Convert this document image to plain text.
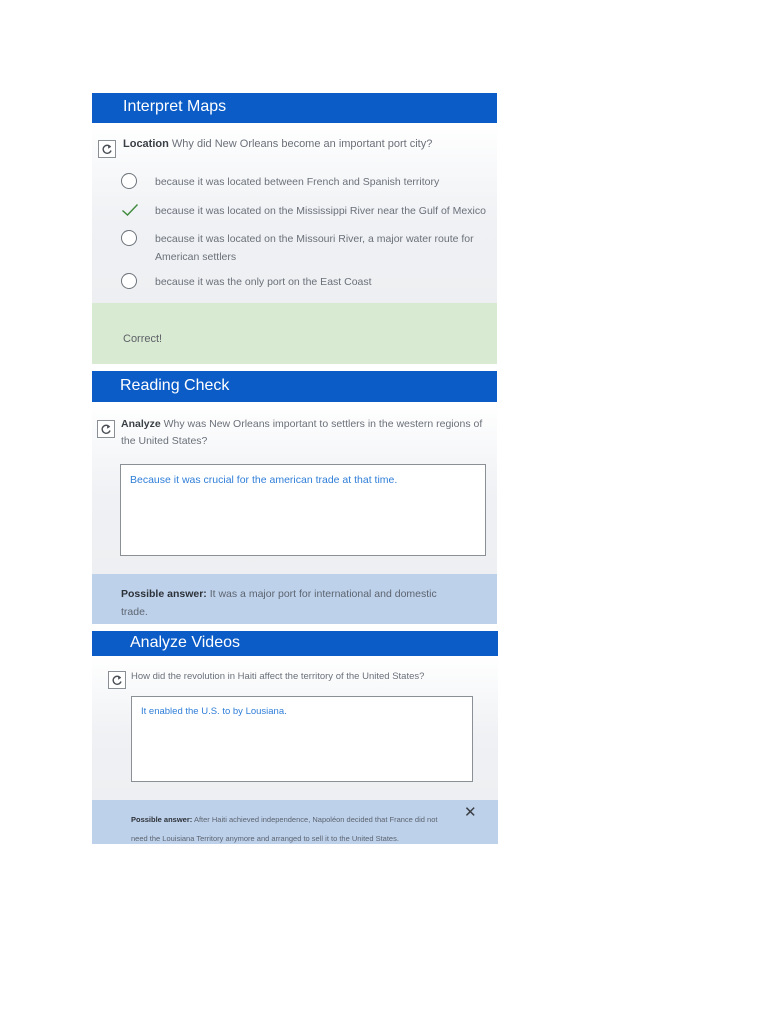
Interpret Maps
Location Why did New Orleans become an important port city?
because it was located between French and Spanish territory
because it was located on the Mississippi River near the Gulf of Mexico
because it was located on the Missouri River, a major water route for American settlers
because it was the only port on the East Coast
Correct!
Reading Check
Analyze Why was New Orleans important to settlers in the western regions of the United States?
Because it was crucial for the american trade at that time.
Possible answer: It was a major port for international and domestic trade.
Analyze Videos
How did the revolution in Haiti affect the territory of the United States?
It enabled the U.S. to by Lousiana.
Possible answer: After Haiti achieved independence, Napoléon decided that France did not need the Louisiana Territory anymore and arranged to sell it to the United States.
✕
